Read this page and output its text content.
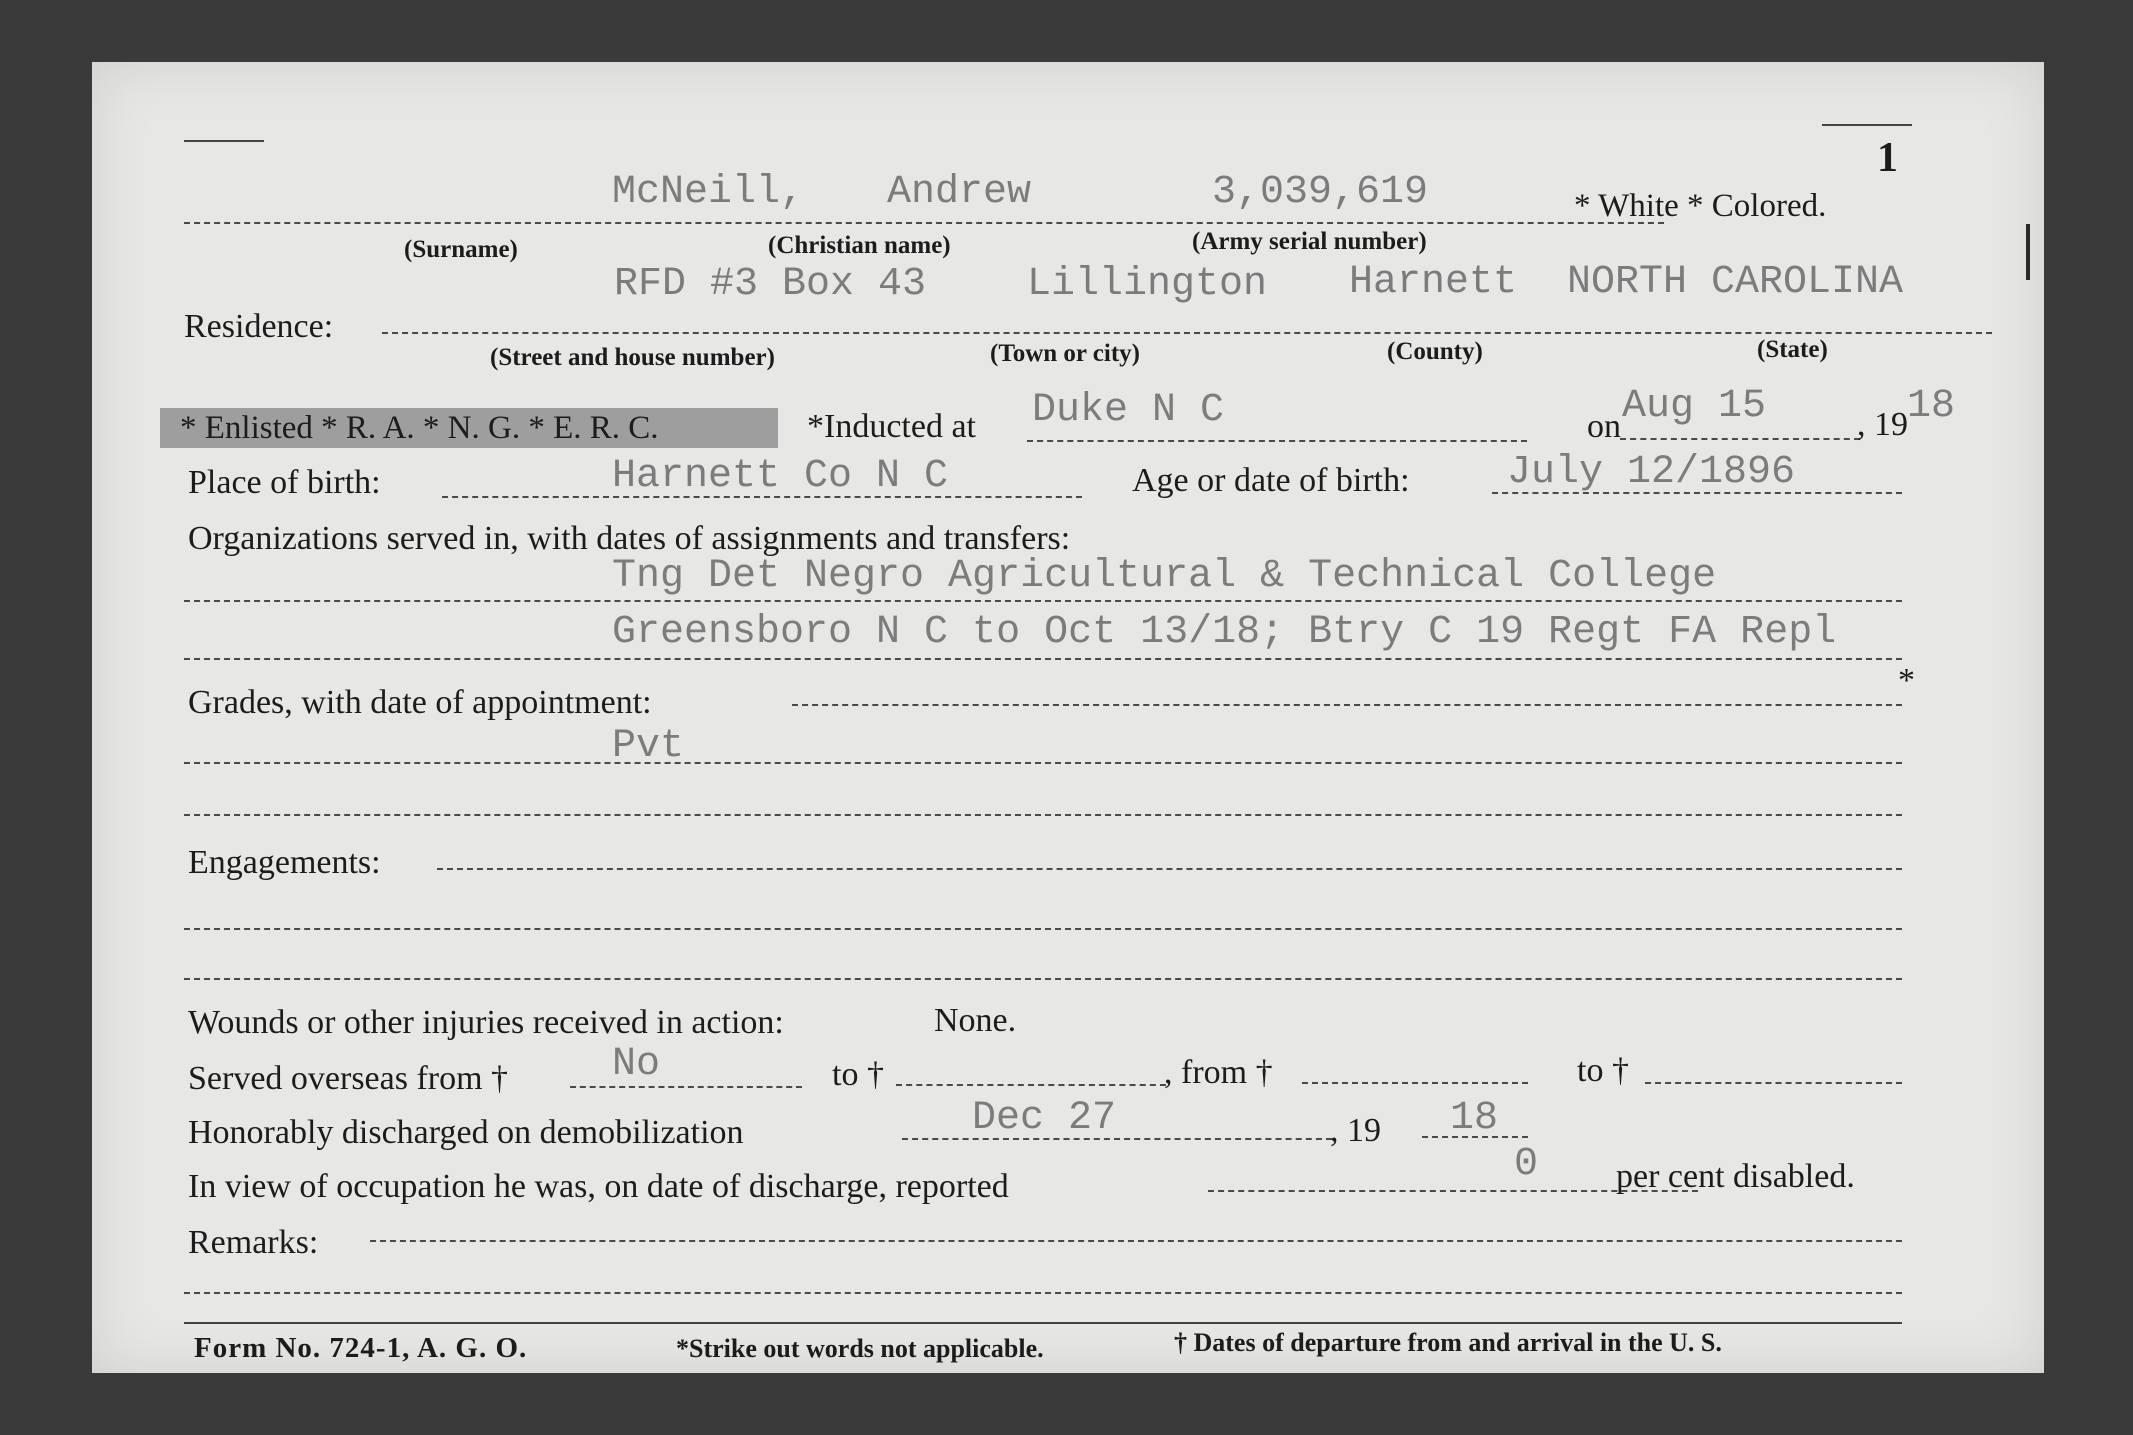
1
McNeill, Andrew	3,039,619	* White * Colored.
(Surname)	(Christian name)	(Army serial number)
Residence:
RFD #3 Box 43	Lillington Harnett NORTH CAROLINA
(Street and house number)	(Town or city)	(County)	(State)
* Enlisted * R. A. * N. G. * E. R. C.	*Inducted at Duke N C	on Aug 15	, 19 18
Place of birth:	Harnett Co N C	Age or date of birth: July 12/1896
Organizations served in, with dates of assignments and transfers:
Tng Det Negro Agricultural & Technical College
Greensboro N C to Oct 13/18; Btry C 19 Regt FA Repl
*
Grades, with date of appointment:
Pvt
Engagements:
Wounds or other injuries received in action:	None.
Served overseas from †	No	to †	, from †	to †
Honorably discharged on demobilization	Dec 27	, 19 18
In view of occupation he was, on date of discharge, reported	0 per cent disabled.
Remarks:
Form No. 724-1, A. G. O.	*Strike out words not applicable.	† Dates of departure from and arrival in the U. S.
